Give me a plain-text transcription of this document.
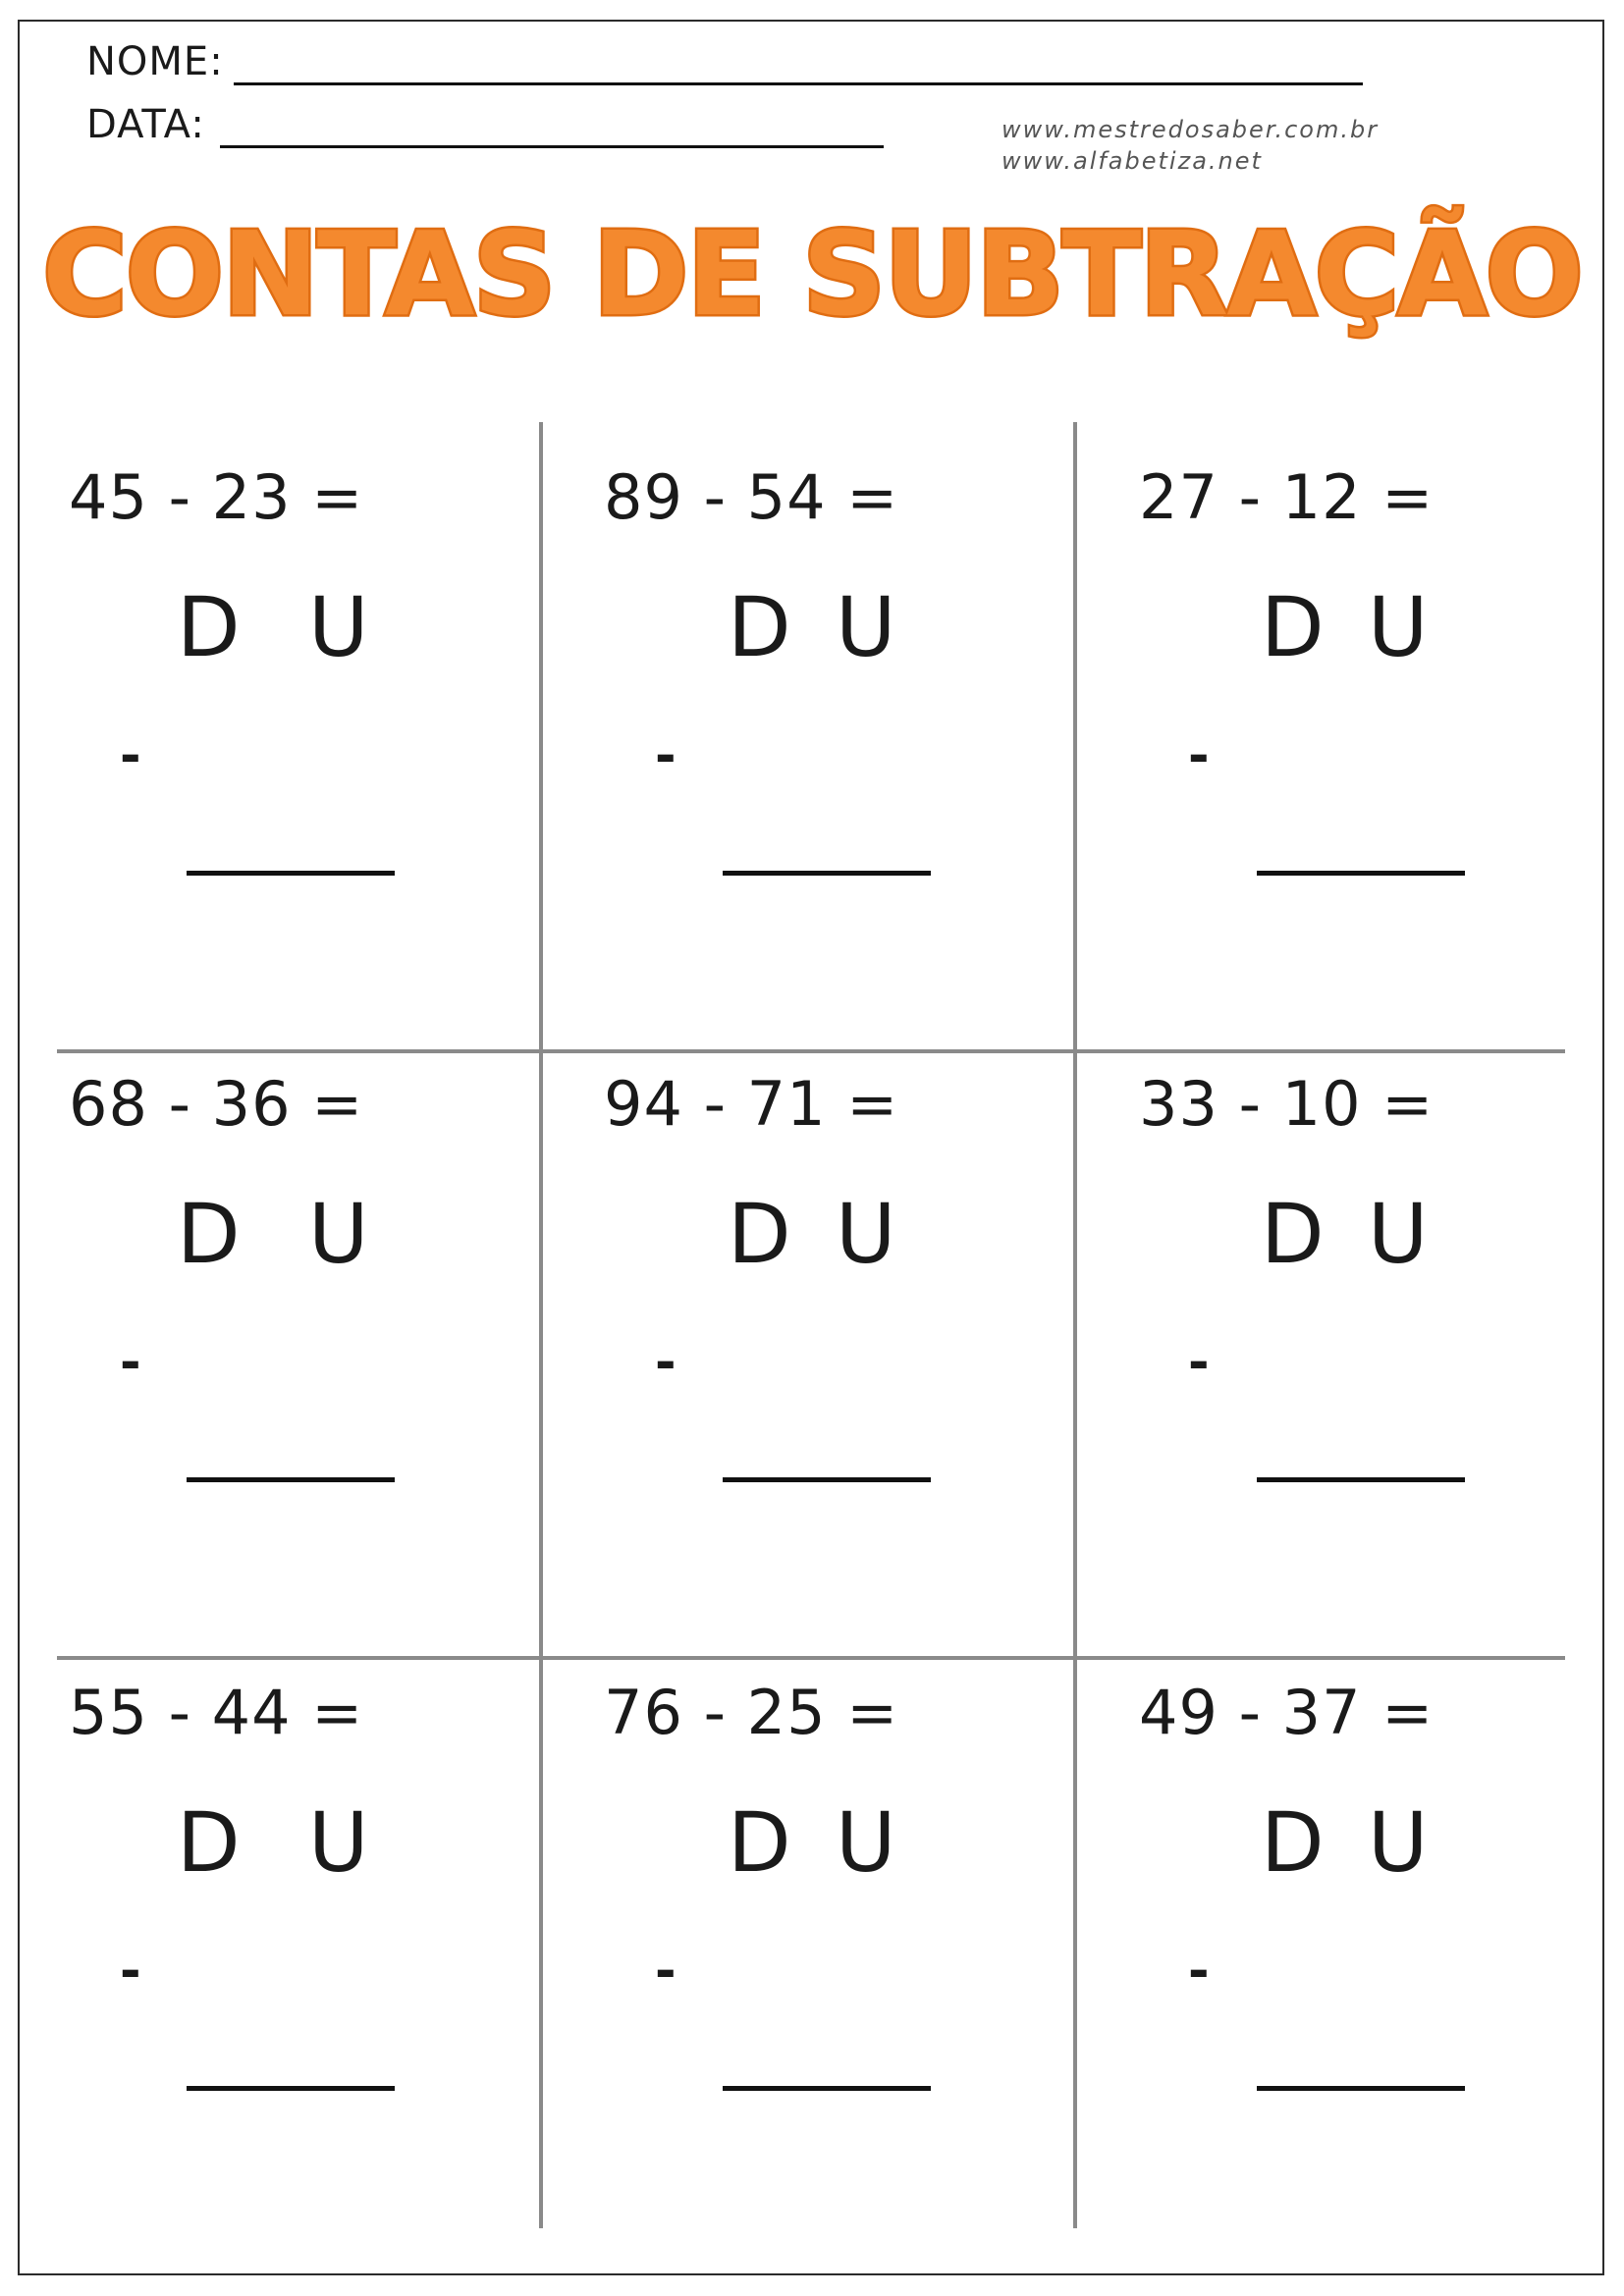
NOME:
DATA:	www.mestredosaber.com.br
www.alfabetiza.net
CONTAS DE SUBTRAÇÃO
45 - 23 =
D U
-
89 - 54 =
D U
-
27 - 12 =
D U
-
68 - 36 =
D U
-
94 - 71 =
D U
-
33 - 10 =
D U
-
55 - 44 =
D U
-
76 - 25 =
D U
-
49 - 37 =
D U
-
